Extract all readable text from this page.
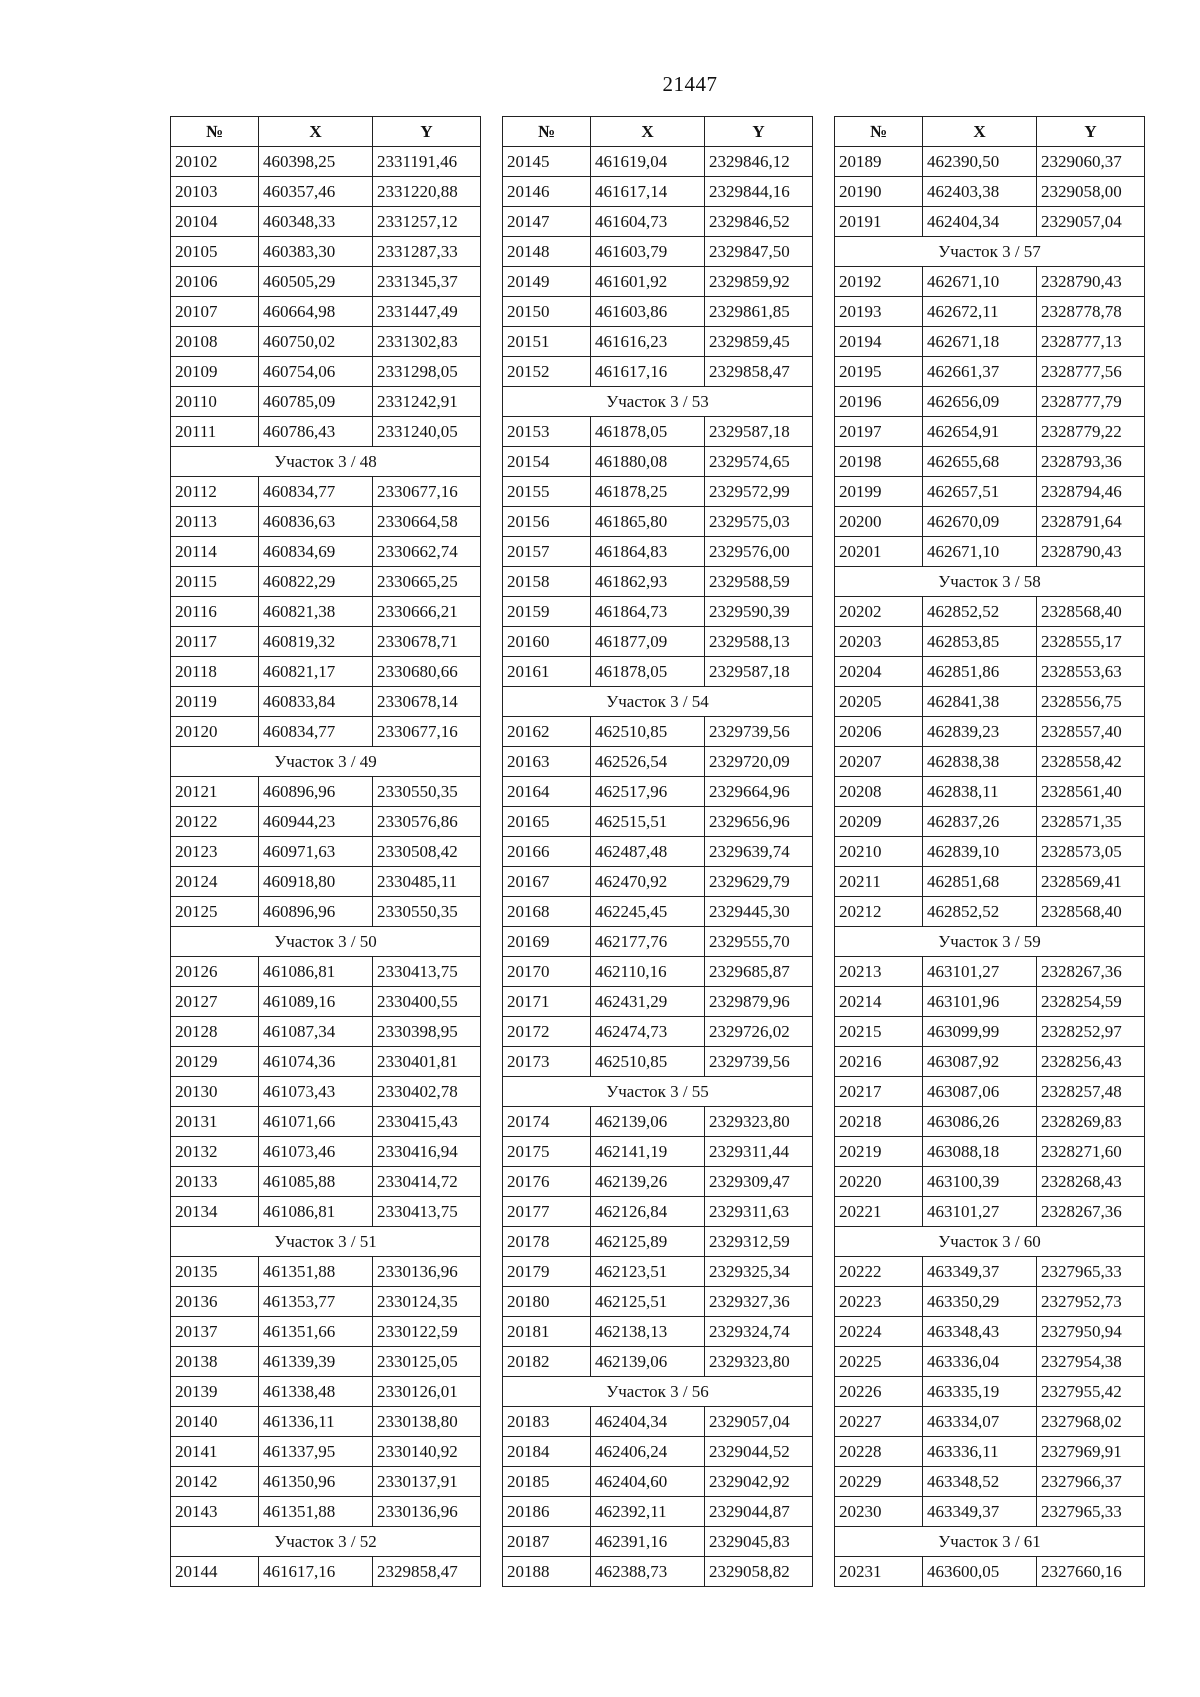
21447
№	X	Y
20102	460398,25	2331191,46
20103	460357,46	2331220,88
20104	460348,33	2331257,12
20105	460383,30	2331287,33
20106	460505,29	2331345,37
20107	460664,98	2331447,49
20108	460750,02	2331302,83
20109	460754,06	2331298,05
20110	460785,09	2331242,91
20111	460786,43	2331240,05
Участок 3 / 48		
20112	460834,77	2330677,16
20113	460836,63	2330664,58
20114	460834,69	2330662,74
20115	460822,29	2330665,25
20116	460821,38	2330666,21
20117	460819,32	2330678,71
20118	460821,17	2330680,66
20119	460833,84	2330678,14
20120	460834,77	2330677,16
Участок 3 / 49		
20121	460896,96	2330550,35
20122	460944,23	2330576,86
20123	460971,63	2330508,42
20124	460918,80	2330485,11
20125	460896,96	2330550,35
Участок 3 / 50		
20126	461086,81	2330413,75
20127	461089,16	2330400,55
20128	461087,34	2330398,95
20129	461074,36	2330401,81
20130	461073,43	2330402,78
20131	461071,66	2330415,43
20132	461073,46	2330416,94
20133	461085,88	2330414,72
20134	461086,81	2330413,75
Участок 3 / 51		
20135	461351,88	2330136,96
20136	461353,77	2330124,35
20137	461351,66	2330122,59
20138	461339,39	2330125,05
20139	461338,48	2330126,01
20140	461336,11	2330138,80
20141	461337,95	2330140,92
20142	461350,96	2330137,91
20143	461351,88	2330136,96
Участок 3 / 52		
20144	461617,16	2329858,47
№	X	Y
20145	461619,04	2329846,12
20146	461617,14	2329844,16
20147	461604,73	2329846,52
20148	461603,79	2329847,50
20149	461601,92	2329859,92
20150	461603,86	2329861,85
20151	461616,23	2329859,45
20152	461617,16	2329858,47
Участок 3 / 53		
20153	461878,05	2329587,18
20154	461880,08	2329574,65
20155	461878,25	2329572,99
20156	461865,80	2329575,03
20157	461864,83	2329576,00
20158	461862,93	2329588,59
20159	461864,73	2329590,39
20160	461877,09	2329588,13
20161	461878,05	2329587,18
Участок 3 / 54		
20162	462510,85	2329739,56
20163	462526,54	2329720,09
20164	462517,96	2329664,96
20165	462515,51	2329656,96
20166	462487,48	2329639,74
20167	462470,92	2329629,79
20168	462245,45	2329445,30
20169	462177,76	2329555,70
20170	462110,16	2329685,87
20171	462431,29	2329879,96
20172	462474,73	2329726,02
20173	462510,85	2329739,56
Участок 3 / 55		
20174	462139,06	2329323,80
20175	462141,19	2329311,44
20176	462139,26	2329309,47
20177	462126,84	2329311,63
20178	462125,89	2329312,59
20179	462123,51	2329325,34
20180	462125,51	2329327,36
20181	462138,13	2329324,74
20182	462139,06	2329323,80
Участок 3 / 56		
20183	462404,34	2329057,04
20184	462406,24	2329044,52
20185	462404,60	2329042,92
20186	462392,11	2329044,87
20187	462391,16	2329045,83
20188	462388,73	2329058,82
№	X	Y
20189	462390,50	2329060,37
20190	462403,38	2329058,00
20191	462404,34	2329057,04
Участок 3 / 57		
20192	462671,10	2328790,43
20193	462672,11	2328778,78
20194	462671,18	2328777,13
20195	462661,37	2328777,56
20196	462656,09	2328777,79
20197	462654,91	2328779,22
20198	462655,68	2328793,36
20199	462657,51	2328794,46
20200	462670,09	2328791,64
20201	462671,10	2328790,43
Участок 3 / 58		
20202	462852,52	2328568,40
20203	462853,85	2328555,17
20204	462851,86	2328553,63
20205	462841,38	2328556,75
20206	462839,23	2328557,40
20207	462838,38	2328558,42
20208	462838,11	2328561,40
20209	462837,26	2328571,35
20210	462839,10	2328573,05
20211	462851,68	2328569,41
20212	462852,52	2328568,40
Участок 3 / 59		
20213	463101,27	2328267,36
20214	463101,96	2328254,59
20215	463099,99	2328252,97
20216	463087,92	2328256,43
20217	463087,06	2328257,48
20218	463086,26	2328269,83
20219	463088,18	2328271,60
20220	463100,39	2328268,43
20221	463101,27	2328267,36
Участок 3 / 60		
20222	463349,37	2327965,33
20223	463350,29	2327952,73
20224	463348,43	2327950,94
20225	463336,04	2327954,38
20226	463335,19	2327955,42
20227	463334,07	2327968,02
20228	463336,11	2327969,91
20229	463348,52	2327966,37
20230	463349,37	2327965,33
Участок 3 / 61		
20231	463600,05	2327660,16
